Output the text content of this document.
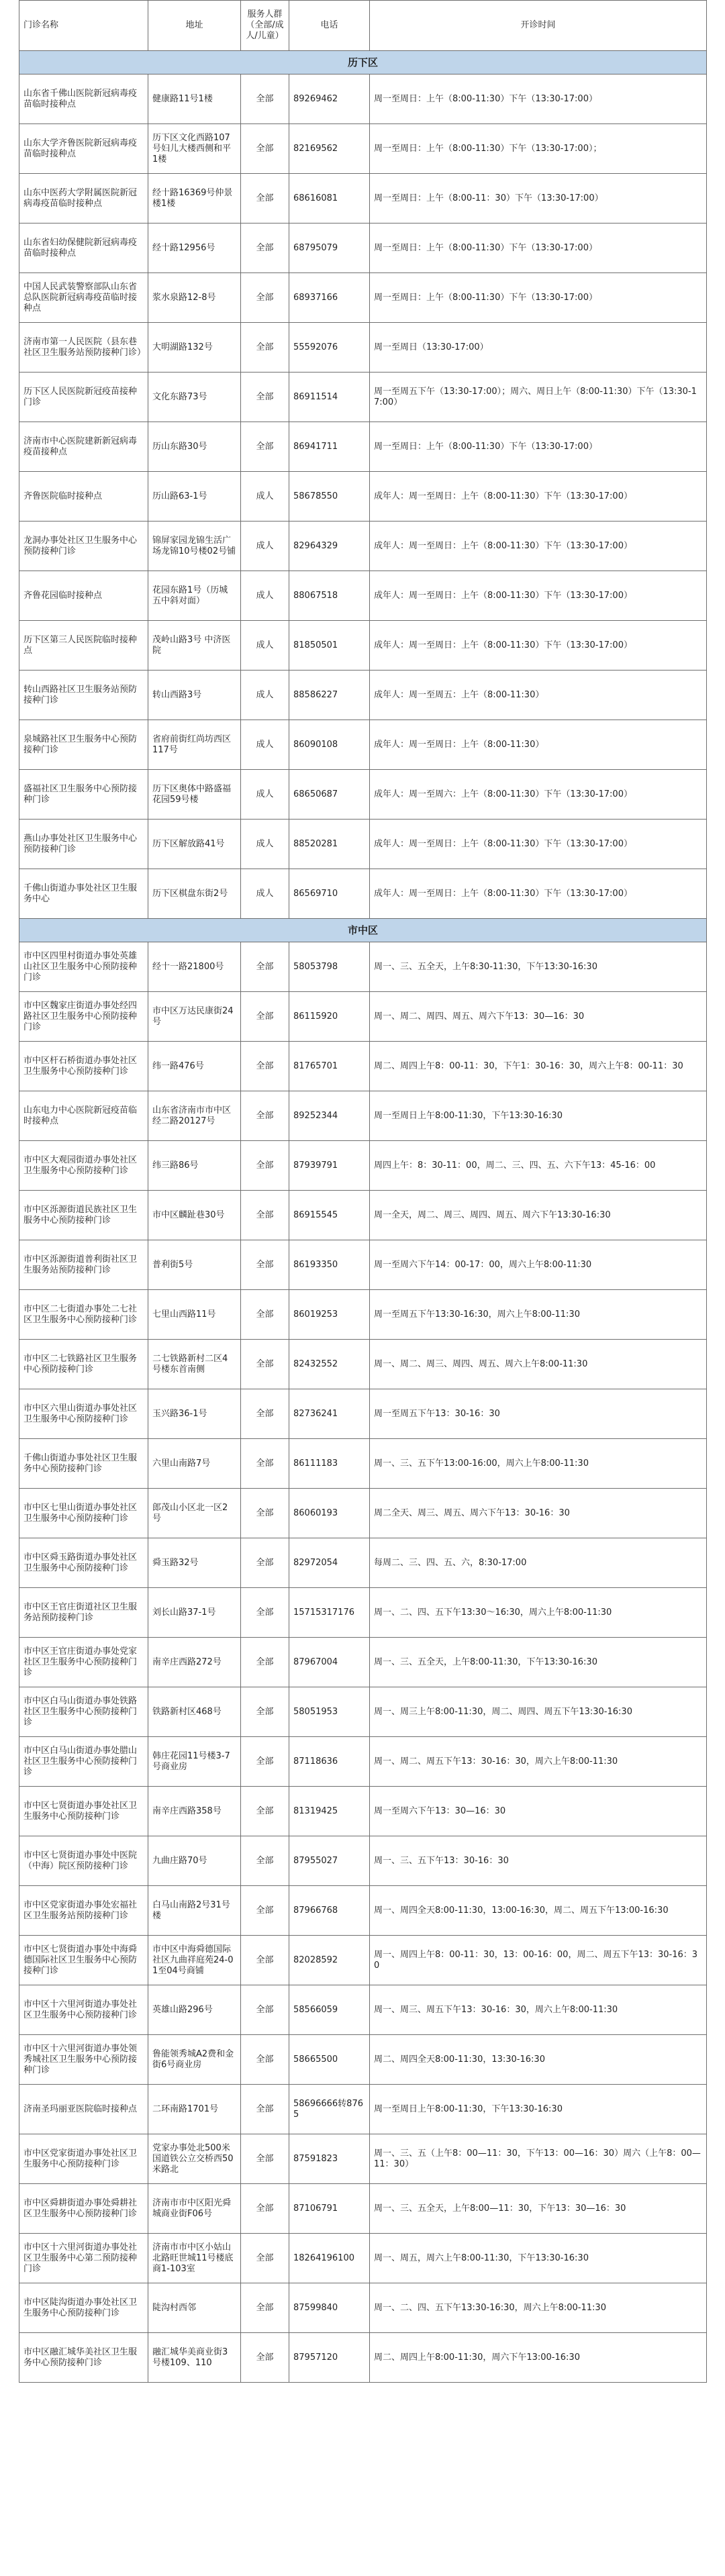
门诊名称	地址	服务人群（全部/成人/儿童）	电话	开诊时间
历下区				
山东省千佛山医院新冠病毒疫苗临时接种点	健康路11号1楼	全部	89269462	周一至周日：上午（8:00-11:30）下午（13:30-17:00）
山东大学齐鲁医院新冠病毒疫苗临时接种点	历下区文化西路107号妇儿大楼西侧和平1楼	全部	82169562	周一至周日：上午（8:00-11:30）下午（13:30-17:00）；
山东中医药大学附属医院新冠病毒疫苗临时接种点	经十路16369号仲景楼1楼	全部	68616081	周一至周日：上午（8:00-11：30）下午（13:30-17:00）
山东省妇幼保健院新冠病毒疫苗临时接种点	经十路12956号	全部	68795079	周一至周日：上午（8:00-11:30）下午（13:30-17:00）
中国人民武装警察部队山东省总队医院新冠病毒疫苗临时接种点	浆水泉路12-8号	全部	68937166	周一至周日：上午（8:00-11:30）下午（13:30-17:00）
济南市第一人民医院（县东巷社区卫生服务站预防接种门诊）	大明湖路132号	全部	55592076	周一至周日（13:30-17:00）
历下区人民医院新冠疫苗接种门诊	文化东路73号	全部	86911514	周一至周五下午（13:30-17:00）；周六、周日上午（8:00-11:30）下午（13:30-17:00）
济南市中心医院建新新冠病毒疫苗接种点	历山东路30号	全部	86941711	周一至周日：上午（8:00-11:30）下午（13:30-17:00）
齐鲁医院临时接种点	历山路63-1号	成人	58678550	成年人：周一至周日：上午（8:00-11:30）下午（13:30-17:00）
龙洞办事处社区卫生服务中心预防接种门诊	锦屏家园龙锦生活广场龙锦10号楼02号铺	成人	82964329	成年人：周一至周日：上午（8:00-11:30）下午（13:30-17:00）
齐鲁花园临时接种点	花园东路1号（历城五中斜对面）	成人	88067518	成年人：周一至周日：上午（8:00-11:30）下午（13:30-17:00）
历下区第三人民医院临时接种点	茂岭山路3号 中济医院	成人	81850501	成年人：周一至周日：上午（8:00-11:30）下午（13:30-17:00）
转山西路社区卫生服务站预防接种门诊	转山西路3号	成人	88586227	成年人：周一至周五：上午（8:00-11:30）
泉城路社区卫生服务中心预防接种门诊	省府前街红尚坊西区117号	成人	86090108	成年人：周一至周日：上午（8:00-11:30）
盛福社区卫生服务中心预防接种门诊	历下区奥体中路盛福花园59号楼	成人	68650687	成年人：周一至周六：上午（8:00-11:30）下午（13:30-17:00）
燕山办事处社区卫生服务中心预防接种门诊	历下区解放路41号	成人	88520281	成年人：周一至周日：上午（8:00-11:30）下午（13:30-17:00）
千佛山街道办事处社区卫生服务中心	历下区棋盘东街2号	成人	86569710	成年人：周一至周日：上午（8:00-11:30）下午（13:30-17:00）
市中区				
市中区四里村街道办事处英雄山社区卫生服务中心预防接种门诊	经十一路21800号	全部	58053798	周一、三、五全天，上午8:30-11:30，下午13:30-16:30
市中区魏家庄街道办事处经四路社区卫生服务中心预防接种门诊	市中区万达民康街24号	全部	86115920	周一、周二、周四、周五、周六下午13：30—16：30
市中区杆石桥街道办事处社区卫生服务中心预防接种门诊	纬一路476号	全部	81765701	周二、周四上午8：00-11：30，下午1：30-16：30，周六上午8：00-11：30
山东电力中心医院新冠疫苗临时接种点	山东省济南市市中区经二路20127号	全部	89252344	周一至周日上午8:00-11:30，下午13:30-16:30
市中区大观园街道办事处社区卫生服务中心预防接种门诊	纬三路86号	全部	87939791	周四上午：8：30-11：00，周二、三、四、五、六下午13：45-16：00
市中区泺源街道民族社区卫生服务中心预防接种门诊	市中区麟趾巷30号	全部	86915545	周一全天，周二、周三、周四、周五、周六下午13:30-16:30
市中区泺源街道普利街社区卫生服务站预防接种门诊	普利街5号	全部	86193350	周一至周六下午14：00-17：00，周六上午8:00-11:30
市中区二七街道办事处二七社区卫生服务中心预防接种门诊	七里山西路11号	全部	86019253	周一至周五下午13:30-16:30，周六上午8:00-11:30
市中区二七铁路社区卫生服务中心预防接种门诊	二七铁路新村二区4号楼东首南侧	全部	82432552	周一、周二、周三、周四、周五、周六上午8:00-11:30
市中区六里山街道办事处社区卫生服务中心预防接种门诊	玉兴路36-1号	全部	82736241	周一至周五下午13：30-16：30
千佛山街道办事处社区卫生服务中心预防接种门诊	六里山南路7号	全部	86111183	周一、三、五下午13:00-16:00，周六上午8:00-11:30
市中区七里山街道办事处社区卫生服务中心预防接种门诊	郎茂山小区北一区2号	全部	86060193	周二全天、周三、周五、周六下午13：30-16：30
市中区舜玉路街道办事处社区卫生服务中心预防接种门诊	舜玉路32号	全部	82972054	每周二、三、四、五、六，8:30-17:00
市中区王官庄街道社区卫生服务站预防接种门诊	刘长山路37-1号	全部	15715317176	周一、二、四、五下午13:30～16:30，周六上午8:00-11:30
市中区王官庄街道办事处党家社区卫生服务中心预防接种门诊	南辛庄西路272号	全部	87967004	周一、三、五全天，上午8:00-11:30，下午13:30-16:30
市中区白马山街道办事处铁路社区卫生服务中心预防接种门诊	铁路新村区468号	全部	58051953	周一、周三上午8:00-11:30，周二、周四、周五下午13:30-16:30
市中区白马山街道办事处腊山社区卫生服务中心预防接种门诊	韩庄花园11号楼3-7号商业房	全部	87118636	周一、周二、周五下午13：30-16：30，周六上午8:00-11:30
市中区七贤街道办事处社区卫生服务中心预防接种门诊	南辛庄西路358号	全部	81319425	周一至周六下午13：30—16：30
市中区七贤街道办事处中医院（中海）院区预防接种门诊	九曲庄路70号	全部	87955027	周一、三、五下午13：30-16：30
市中区党家街道办事处宏福社区卫生服务站预防接种门诊	白马山南路2号31号楼	全部	87966768	周一、周四全天8:00-11:30，13:00-16:30，周二、周五下午13:00-16:30
市中区七贤街道办事处中海舜德国际社区卫生服务中心预防接种门诊	市中区中海舜德国际社区九曲祥庭苑24-01至04号商铺	全部	82028592	周一、周四上午8：00-11：30，13：00-16：00，周二、周五下午13：30-16：30
市中区十六里河街道办事处社区卫生服务中心预防接种门诊	英雄山路296号	全部	58566059	周一、周三、周五下午13：30-16：30，周六上午8:00-11:30
市中区十六里河街道办事处领秀城社区卫生服务中心预防接种门诊	鲁能领秀城A2费和金街6号商业房	全部	58665500	周二、周四全天8:00-11:30，13:30-16:30
济南圣玛丽亚医院临时接种点	二环南路1701号	全部	58696666转8765	周一至周日上午8:00-11:30，下午13:30-16:30
市中区党家街道办事处社区卫生服务中心预防接种门诊	党家办事处北500米国道铁公立交桥西50米路北	全部	87591823	周一、三、五（上午8：00—11：30，下午13：00—16：30）周六（上午8：00—11：30）
市中区舜耕街道办事处舜耕社区卫生服务中心预防接种门诊	济南市市中区阳光舜城商业街F06号	全部	87106791	周一、三、五全天，上午8:00—11：30，下午13：30—16：30
市中区十六里河街道办事处社区卫生服务中心第二预防接种门诊	济南市市中区小姑山北路旺世城11号楼底商1-103室	全部	18264196100	周一、周五，周六上午8:00-11:30，下午13:30-16:30
市中区陡沟街道办事处社区卫生服务中心预防接种门诊	陡沟村西邻	全部	87599840	周一、二、四、五下午13:30-16:30，周六上午8:00-11:30
市中区融汇城华美社区卫生服务中心预防接种门诊	融汇城华美商业街3号楼109、110	全部	87957120	周二、周四上午8:00-11:30，周六下午13:00-16:30
